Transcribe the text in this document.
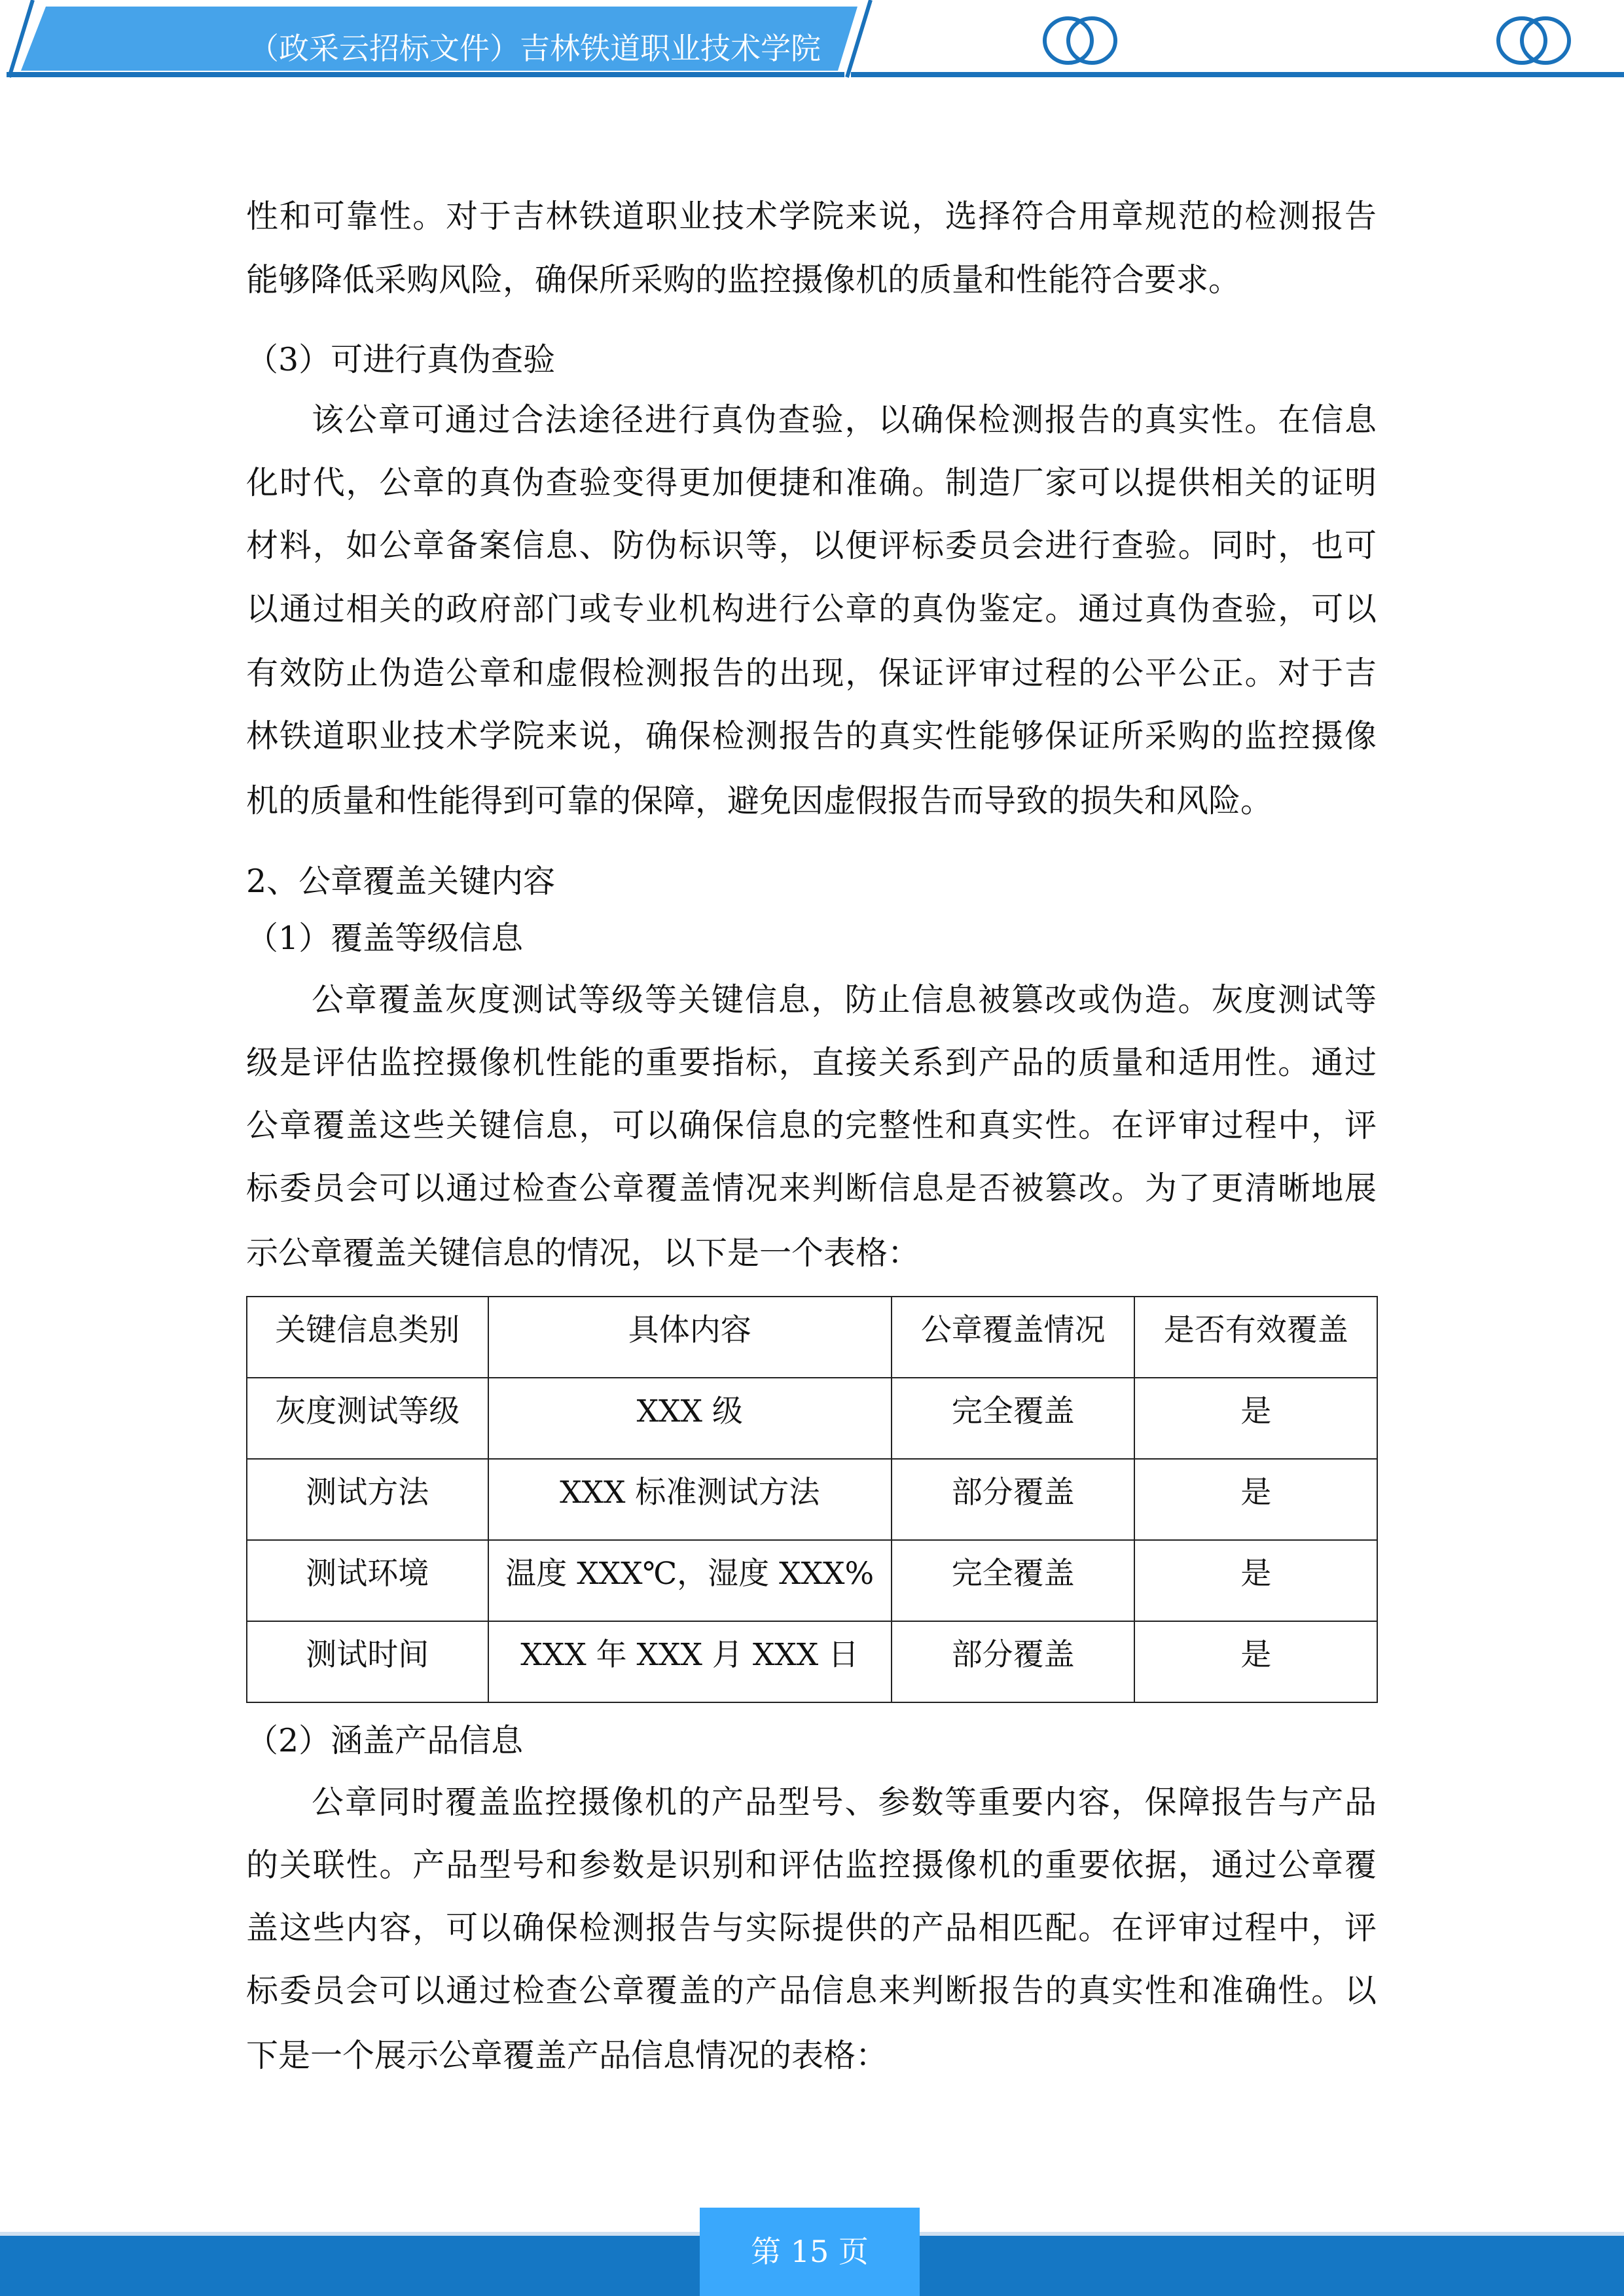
（政采云招标文件）吉林铁道职业技术学院
性和可靠性。对于吉林铁道职业技术学院来说，选择符合用章规范的检测报告
能够降低采购风险，确保所采购的监控摄像机的质量和性能符合要求。
（3）可进行真伪查验
该公章可通过合法途径进行真伪查验，以确保检测报告的真实性。在信息
化时代，公章的真伪查验变得更加便捷和准确。制造厂家可以提供相关的证明
材料，如公章备案信息、防伪标识等，以便评标委员会进行查验。同时，也可
以通过相关的政府部门或专业机构进行公章的真伪鉴定。通过真伪查验，可以
有效防止伪造公章和虚假检测报告的出现，保证评审过程的公平公正。对于吉
林铁道职业技术学院来说，确保检测报告的真实性能够保证所采购的监控摄像
机的质量和性能得到可靠的保障，避免因虚假报告而导致的损失和风险。
2、公章覆盖关键内容
（1）覆盖等级信息
公章覆盖灰度测试等级等关键信息，防止信息被篡改或伪造。灰度测试等
级是评估监控摄像机性能的重要指标，直接关系到产品的质量和适用性。通过
公章覆盖这些关键信息，可以确保信息的完整性和真实性。在评审过程中，评
标委员会可以通过检查公章覆盖情况来判断信息是否被篡改。为了更清晰地展
示公章覆盖关键信息的情况，以下是一个表格：
（2）涵盖产品信息
公章同时覆盖监控摄像机的产品型号、参数等重要内容，保障报告与产品
的关联性。产品型号和参数是识别和评估监控摄像机的重要依据，通过公章覆
盖这些内容，可以确保检测报告与实际提供的产品相匹配。在评审过程中，评
标委员会可以通过检查公章覆盖的产品信息来判断报告的真实性和准确性。以
下是一个展示公章覆盖产品信息情况的表格：
关键信息类别	具体内容	公章覆盖情况	是否有效覆盖
灰度测试等级	XXX 级	完全覆盖	是
测试方法	XXX 标准测试方法	部分覆盖	是
测试环境	温度 XXX℃，湿度 XXX%	完全覆盖	是
测试时间	XXX 年 XXX 月 XXX 日	部分覆盖	是
第 15 页
